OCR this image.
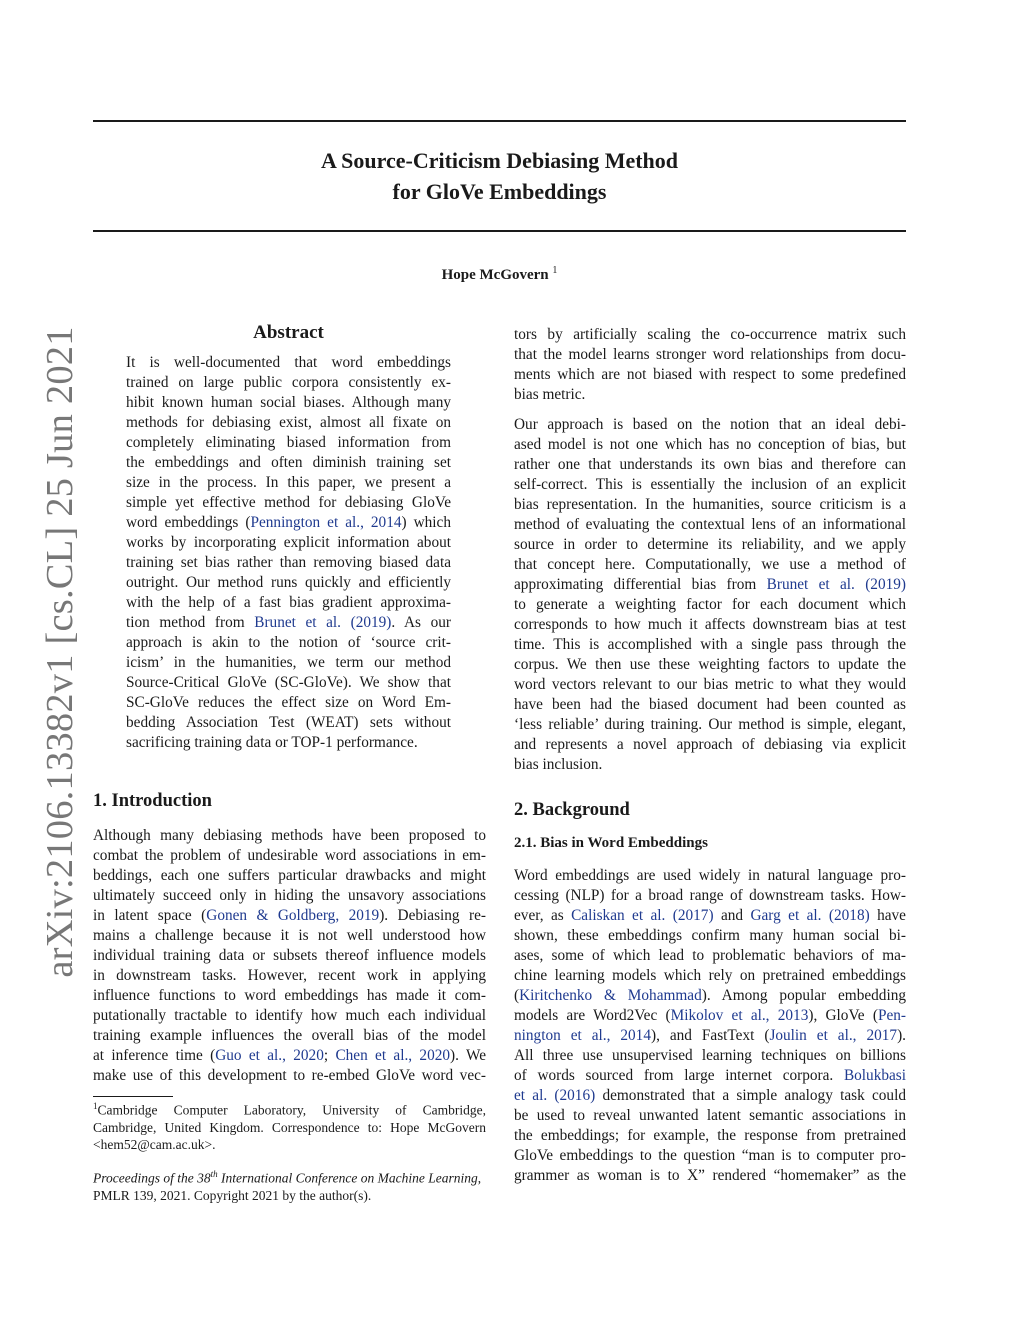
arXiv:2106.13382v1 [cs.CL] 25 Jun 2021
A Source-Criticism Debiasing Method
for GloVe Embeddings
Hope McGovern $^1$
Abstract
It is well-documented that word embeddings
trained on large public corpora consistently ex-
hibit known human social biases. Although many
methods for debiasing exist, almost all fixate on
completely eliminating biased information from
the embeddings and often diminish training set
size in the process. In this paper, we present a
simple yet effective method for debiasing GloVe
word embeddings (Pennington et al., 2014) which
works by incorporating explicit information about
training set bias rather than removing biased data
outright. Our method runs quickly and efficiently
with the help of a fast bias gradient approxima-
tion method from Brunet et al. (2019). As our
approach is akin to the notion of ‘source crit-
icism’ in the humanities, we term our method
Source-Critical GloVe (SC-GloVe). We show that
SC-GloVe reduces the effect size on Word Em-
bedding Association Test (WEAT) sets without
sacrificing training data or TOP-1 performance.
1. Introduction
Although many debiasing methods have been proposed to
combat the problem of undesirable word associations in em-
beddings, each one suffers particular drawbacks and might
ultimately succeed only in hiding the unsavory associations
in latent space (Gonen & Goldberg, 2019). Debiasing re-
mains a challenge because it is not well understood how
individual training data or subsets thereof influence models
in downstream tasks. However, recent work in applying
influence functions to word embeddings has made it com-
putationally tractable to identify how much each individual
training example influences the overall bias of the model
at inference time (Guo et al., 2020; Chen et al., 2020). We
make use of this development to re-embed GloVe word vec-
$^1$Cambridge Computer Laboratory, University of Cambridge, Cambridge, United Kingdom. Correspondence to: Hope McGovern <hem52@cam.ac.uk>.
Proceedings of the 38th International Conference on Machine Learning, PMLR 139, 2021. Copyright 2021 by the author(s).
tors by artificially scaling the co-occurrence matrix such
that the model learns stronger word relationships from docu-
ments which are not biased with respect to some predefined
bias metric.
Our approach is based on the notion that an ideal debi-
ased model is not one which has no conception of bias, but
rather one that understands its own bias and therefore can
self-correct. This is essentially the inclusion of an explicit
bias representation. In the humanities, source criticism is a
method of evaluating the contextual lens of an informational
source in order to determine its reliability, and we apply
that concept here. Computationally, we use a method of
approximating differential bias from Brunet et al. (2019)
to generate a weighting factor for each document which
corresponds to how much it affects downstream bias at test
time. This is accomplished with a single pass through the
corpus. We then use these weighting factors to update the
word vectors relevant to our bias metric to what they would
have been had the biased document had been counted as
‘less reliable’ during training. Our method is simple, elegant,
and represents a novel approach of debiasing via explicit
bias inclusion.
2. Background
2.1. Bias in Word Embeddings
Word embeddings are used widely in natural language pro-
cessing (NLP) for a broad range of downstream tasks. How-
ever, as Caliskan et al. (2017) and Garg et al. (2018) have
shown, these embeddings confirm many human social bi-
ases, some of which lead to problematic behaviors of ma-
chine learning models which rely on pretrained embeddings
(Kiritchenko & Mohammad). Among popular embedding
models are Word2Vec (Mikolov et al., 2013), GloVe (Pen-
nington et al., 2014), and FastText (Joulin et al., 2017).
All three use unsupervised learning techniques on billions
of words sourced from large internet corpora. Bolukbasi
et al. (2016) demonstrated that a simple analogy task could
be used to reveal unwanted latent semantic associations in
the embeddings; for example, the response from pretrained
GloVe embeddings to the question “man is to computer pro-
grammer as woman is to X” rendered “homemaker” as the
